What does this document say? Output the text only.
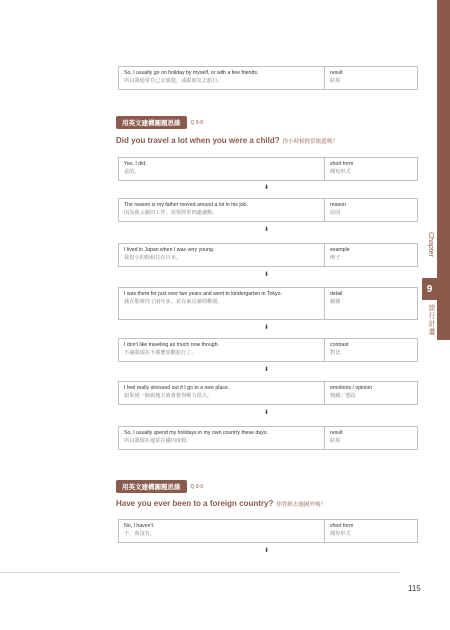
Chapter
9
旅行計畫
So, I usually go on holiday by myself, or with a few friends.
所以我通常自己去旅遊，或跟朋友去旅行。
result
結果
用英文建構圓題思維	Q 9-8
Did you travel a lot when you were a child? 你小時候經常旅遊嗎？
Yes, I did.
是的。
short form
簡短形式
⬇
The reason is my father moved around a lot in his job.
因為我父親的工作，需要經常四處調動。
reason
原因
⬇
I lived in Japan when I was very young.
我很小的時候住在日本。
example
例子
⬇
I was there for just over two years and went to kindergarten in Tokyo.
我在那裡待了兩年多，並在東京讀幼稚園。
detail
細節
⬇
I don't like traveling as much now though.
不過我現在不那麼喜歡旅行了。
contrast
對比
⬇
I feel really stressed out if I go to a new place.
如果到一個新地方就會覺得壓力很大。
emotions / opinion
情緒／想法
⬇
So, I usually spend my holidays in my own country these days.
所以我現在通常在國內度假。
result
結果
用英文建構圓題思維	Q 9-9
Have you ever been to a foreign country? 你曾經去過國外嗎？
No, I haven't.
不，我沒有。
short form
簡短形式
⬇
115
